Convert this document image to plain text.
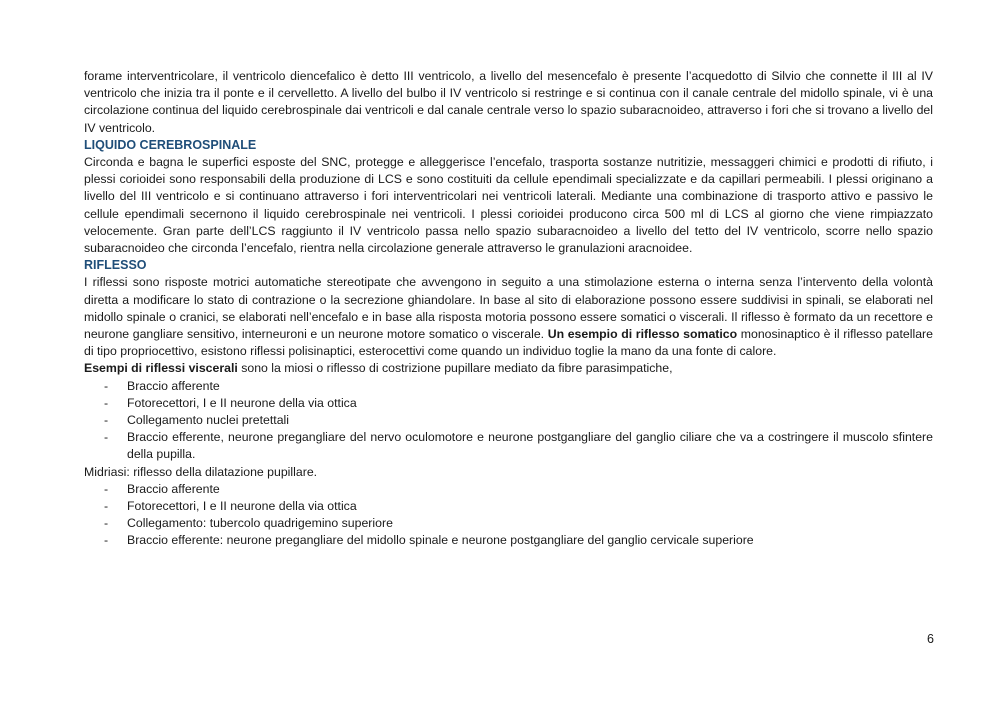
forame interventricolare, il ventricolo diencefalico è detto III ventricolo, a livello del mesencefalo è presente l’acquedotto di Silvio che connette il III al IV ventricolo che inizia tra il ponte e il cervelletto. A livello del bulbo il IV ventricolo si restringe e si continua con il canale centrale del midollo spinale, vi è una circolazione continua del liquido cerebrospinale dai ventricoli e dal canale centrale verso lo spazio subaracnoideo, attraverso i fori che si trovano a livello del IV ventricolo.

LIQUIDO CEREBROSPINALE

Circonda e bagna le superfici esposte del SNC, protegge e alleggerisce l’encefalo, trasporta sostanze nutritizie, messaggeri chimici e prodotti di rifiuto, i plessi corioidei sono responsabili della produzione di LCS e sono costituiti da cellule ependimali specializzate e da capillari permeabili. I plessi originano a livello del III ventricolo e si continuano attraverso i fori interventricolari nei ventricoli laterali. Mediante una combinazione di trasporto attivo e passivo le cellule ependimali secernono il liquido cerebrospinale nei ventricoli. I plessi corioidei producono circa 500 ml di LCS al giorno che viene rimpiazzato velocemente. Gran parte dell’LCS raggiunto il IV ventricolo passa nello spazio subaracnoideo a livello del tetto del IV ventricolo, scorre nello spazio subaracnoideo che circonda l’encefalo, rientra nella circolazione generale attraverso le granulazioni aracnoidee.

RIFLESSO

I riflessi sono risposte motrici automatiche stereotipate che avvengono in seguito a una stimolazione esterna o interna senza l’intervento della volontà diretta a modificare lo stato di contrazione o la secrezione ghiandolare. In base al sito di elaborazione possono essere suddivisi in spinali, se elaborati nel midollo spinale o cranici, se elaborati nell’encefalo e in base alla risposta motoria possono essere somatici o viscerali. Il riflesso è formato da un recettore e neurone gangliare sensitivo, interneuroni e un neurone motore somatico o viscerale. Un esempio di riflesso somatico monosinaptico è il riflesso patellare di tipo propriocettivo, esistono riflessi polisinaptici, esterocettivi come quando un individuo toglie la mano da una fonte di calore.

Esempi di riflessi viscerali sono la miosi o riflesso di costrizione pupillare mediato da fibre parasimpatiche,

- Braccio afferente
- Fotorecettori, I e II neurone della via ottica
- Collegamento nuclei pretettali
- Braccio efferente, neurone pregangliare del nervo oculomotore e neurone postgangliare del ganglio ciliare che va a costringere il muscolo sfintere della pupilla.

Midriasi: riflesso della dilatazione pupillare.

- Braccio afferente
- Fotorecettori, I e II neurone della via ottica
- Collegamento: tubercolo quadrigemino superiore
- Braccio efferente: neurone pregangliare del midollo spinale e neurone postgangliare del ganglio cervicale superiore
6
